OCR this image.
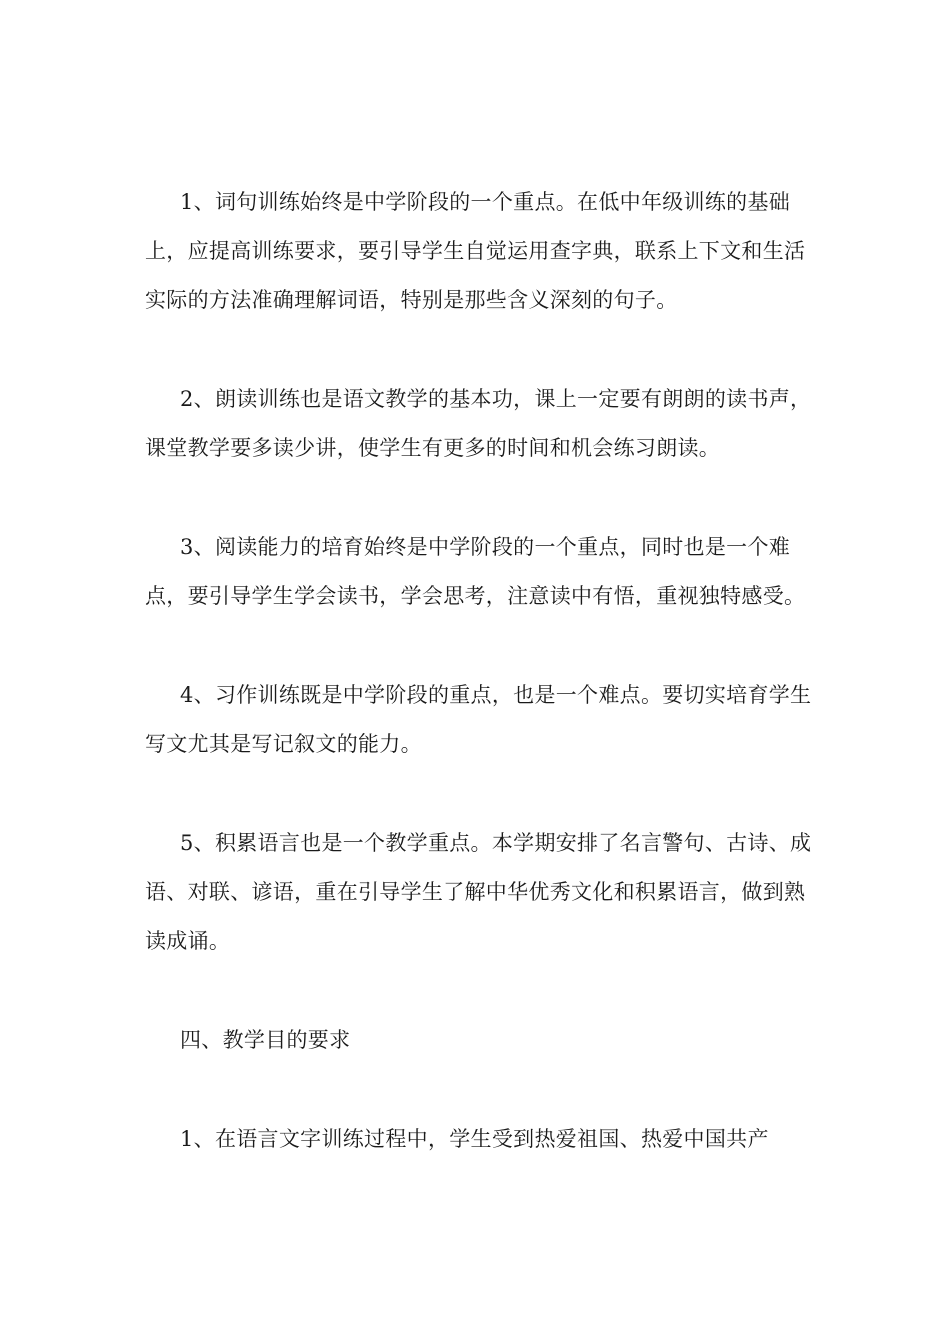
1、词句训练始终是中学阶段的一个重点。在低中年级训练的基础上，应提高训练要求，要引导学生自觉运用查字典，联系上下文和生活实际的方法准确理解词语，特别是那些含义深刻的句子。

2、朗读训练也是语文教学的基本功，课上一定要有朗朗的读书声，课堂教学要多读少讲，使学生有更多的时间和机会练习朗读。

3、阅读能力的培育始终是中学阶段的一个重点，同时也是一个难点，要引导学生学会读书，学会思考，注意读中有悟，重视独特感受。

4、习作训练既是中学阶段的重点，也是一个难点。要切实培育学生写文尤其是写记叙文的能力。

5、积累语言也是一个教学重点。本学期安排了名言警句、古诗、成语、对联、谚语，重在引导学生了解中华优秀文化和积累语言，做到熟读成诵。

四、教学目的要求

1、在语言文字训练过程中，学生受到热爱祖国、热爱中国共产
